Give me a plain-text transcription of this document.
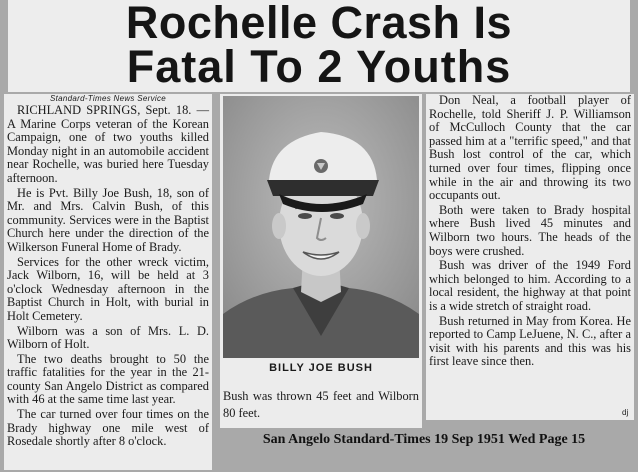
Rochelle Crash Is
Fatal To 2 Youths
Standard-Times News Service

RICHLAND SPRINGS, Sept. 18. — A Marine Corps veteran of the Korean Campaign, one of two youths killed Monday night in an automobile accident near Rochelle, was buried here Tuesday afternoon.

He is Pvt. Billy Joe Bush, 18, son of Mr. and Mrs. Calvin Bush, of this community. Services were in the Baptist Church here under the direction of the Wilkerson Funeral Home of Brady.

Services for the other wreck victim, Jack Wilborn, 16, will be held at 3 o'clock Wednesday afternoon in the Baptist Church in Holt, with burial in Holt Cemetery.

Wilborn was a son of Mrs. L. D. Wilborn of Holt.

The two deaths brought to 50 the traffic fatalities for the year in the 21-county San Angelo District as compared with 46 at the same time last year.

The car turned over four times on the Brady highway one mile west of Rosedale shortly after 8 o'clock.

BILLY JOE BUSH
Bush was thrown 45 feet and Wilborn 80 feet.

Don Neal, a football player of Rochelle, told Sheriff J. P. Williamson of McCulloch County that the car passed him at a "terrific speed," and that Bush lost control of the car, which turned over four times, flipping once while in the air and throwing its two occupants out.

Both were taken to Brady hospital where Bush lived 45 minutes and Wilborn two hours. The heads of the boys were crushed.

Bush was driver of the 1949 Ford which belonged to him. According to a local resident, the highway at that point is a wide stretch of straight road.

Bush returned in May from Korea. He reported to Camp LeJuene, N. C., after a visit with his parents and this was his first leave since then.

dj
San Angelo Standard-Times 19 Sep 1951 Wed Page 15
